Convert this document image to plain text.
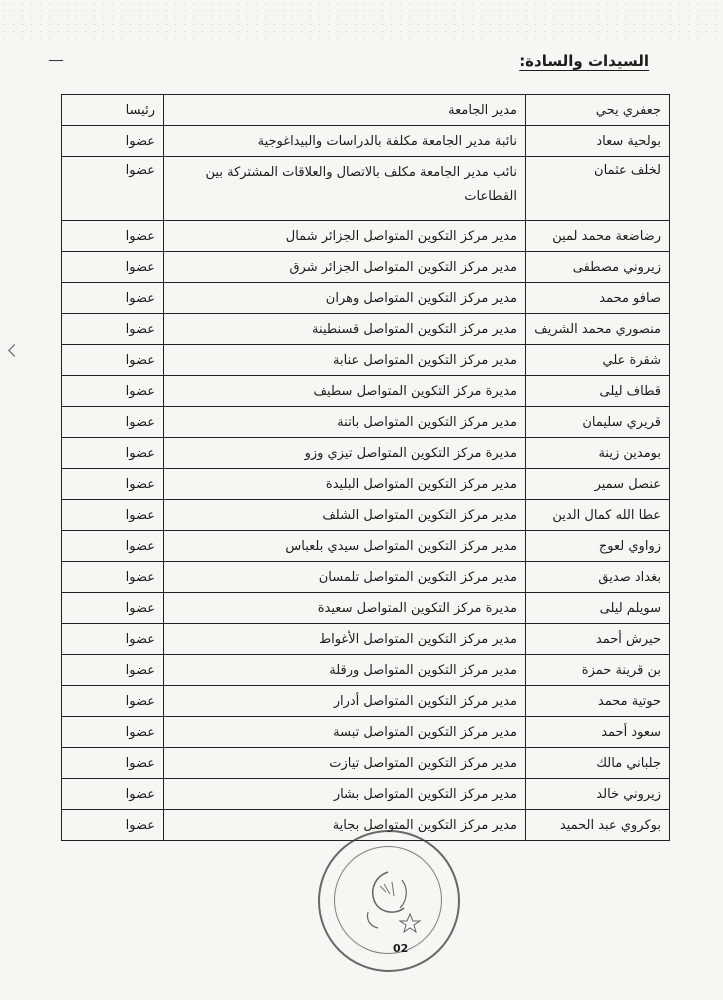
السيدات والسادة:
جعفري يحي	مدير الجامعة	رئيسا
بولحية سعاد	نائبة مدير الجامعة مكلفة بالدراسات والبيداغوجية	عضوا
لخلف عثمان	نائب مدير الجامعة مكلف بالاتصال والعلاقات المشتركة بين القطاعات	عضوا
رضاضعة محمد لمين	مدير مركز التكوين المتواصل الجزائر شمال	عضوا
زيروني مصطفى	مدير مركز التكوين المتواصل الجزائر شرق	عضوا
صافو محمد	مدير مركز التكوين المتواصل وهران	عضوا
منصوري محمد الشريف	مدير مركز التكوين المتواصل قسنطينة	عضوا
شقرة علي	مدير مركز التكوين المتواصل عنابة	عضوا
قطاف ليلى	مديرة مركز التكوين المتواصل سطيف	عضوا
قريري سليمان	مدير مركز التكوين المتواصل باتنة	عضوا
بومدين زينة	مديرة مركز التكوين المتواصل تيزي وزو	عضوا
عنصل سمير	مدير مركز التكوين المتواصل البليدة	عضوا
عطا الله كمال الدين	مدير مركز التكوين المتواصل الشلف	عضوا
زواوي لعوج	مدير مركز التكوين المتواصل سيدي بلعباس	عضوا
بغداد صديق	مدير مركز التكوين المتواصل تلمسان	عضوا
سويلم ليلى	مديرة مركز التكوين المتواصل سعيدة	عضوا
حيرش أحمد	مدير مركز التكوين المتواصل الأغواط	عضوا
بن قرينة حمزة	مدير مركز التكوين المتواصل ورقلة	عضوا
حوتية محمد	مدير مركز التكوين المتواصل أدرار	عضوا
سعود أحمد	مدير مركز التكوين المتواصل تبسة	عضوا
جلباني مالك	مدير مركز التكوين المتواصل تيازت	عضوا
زيروني خالد	مدير مركز التكوين المتواصل بشار	عضوا
بوكروي عبد الحميد	مدير مركز التكوين المتواصل بجاية	عضوا
02
